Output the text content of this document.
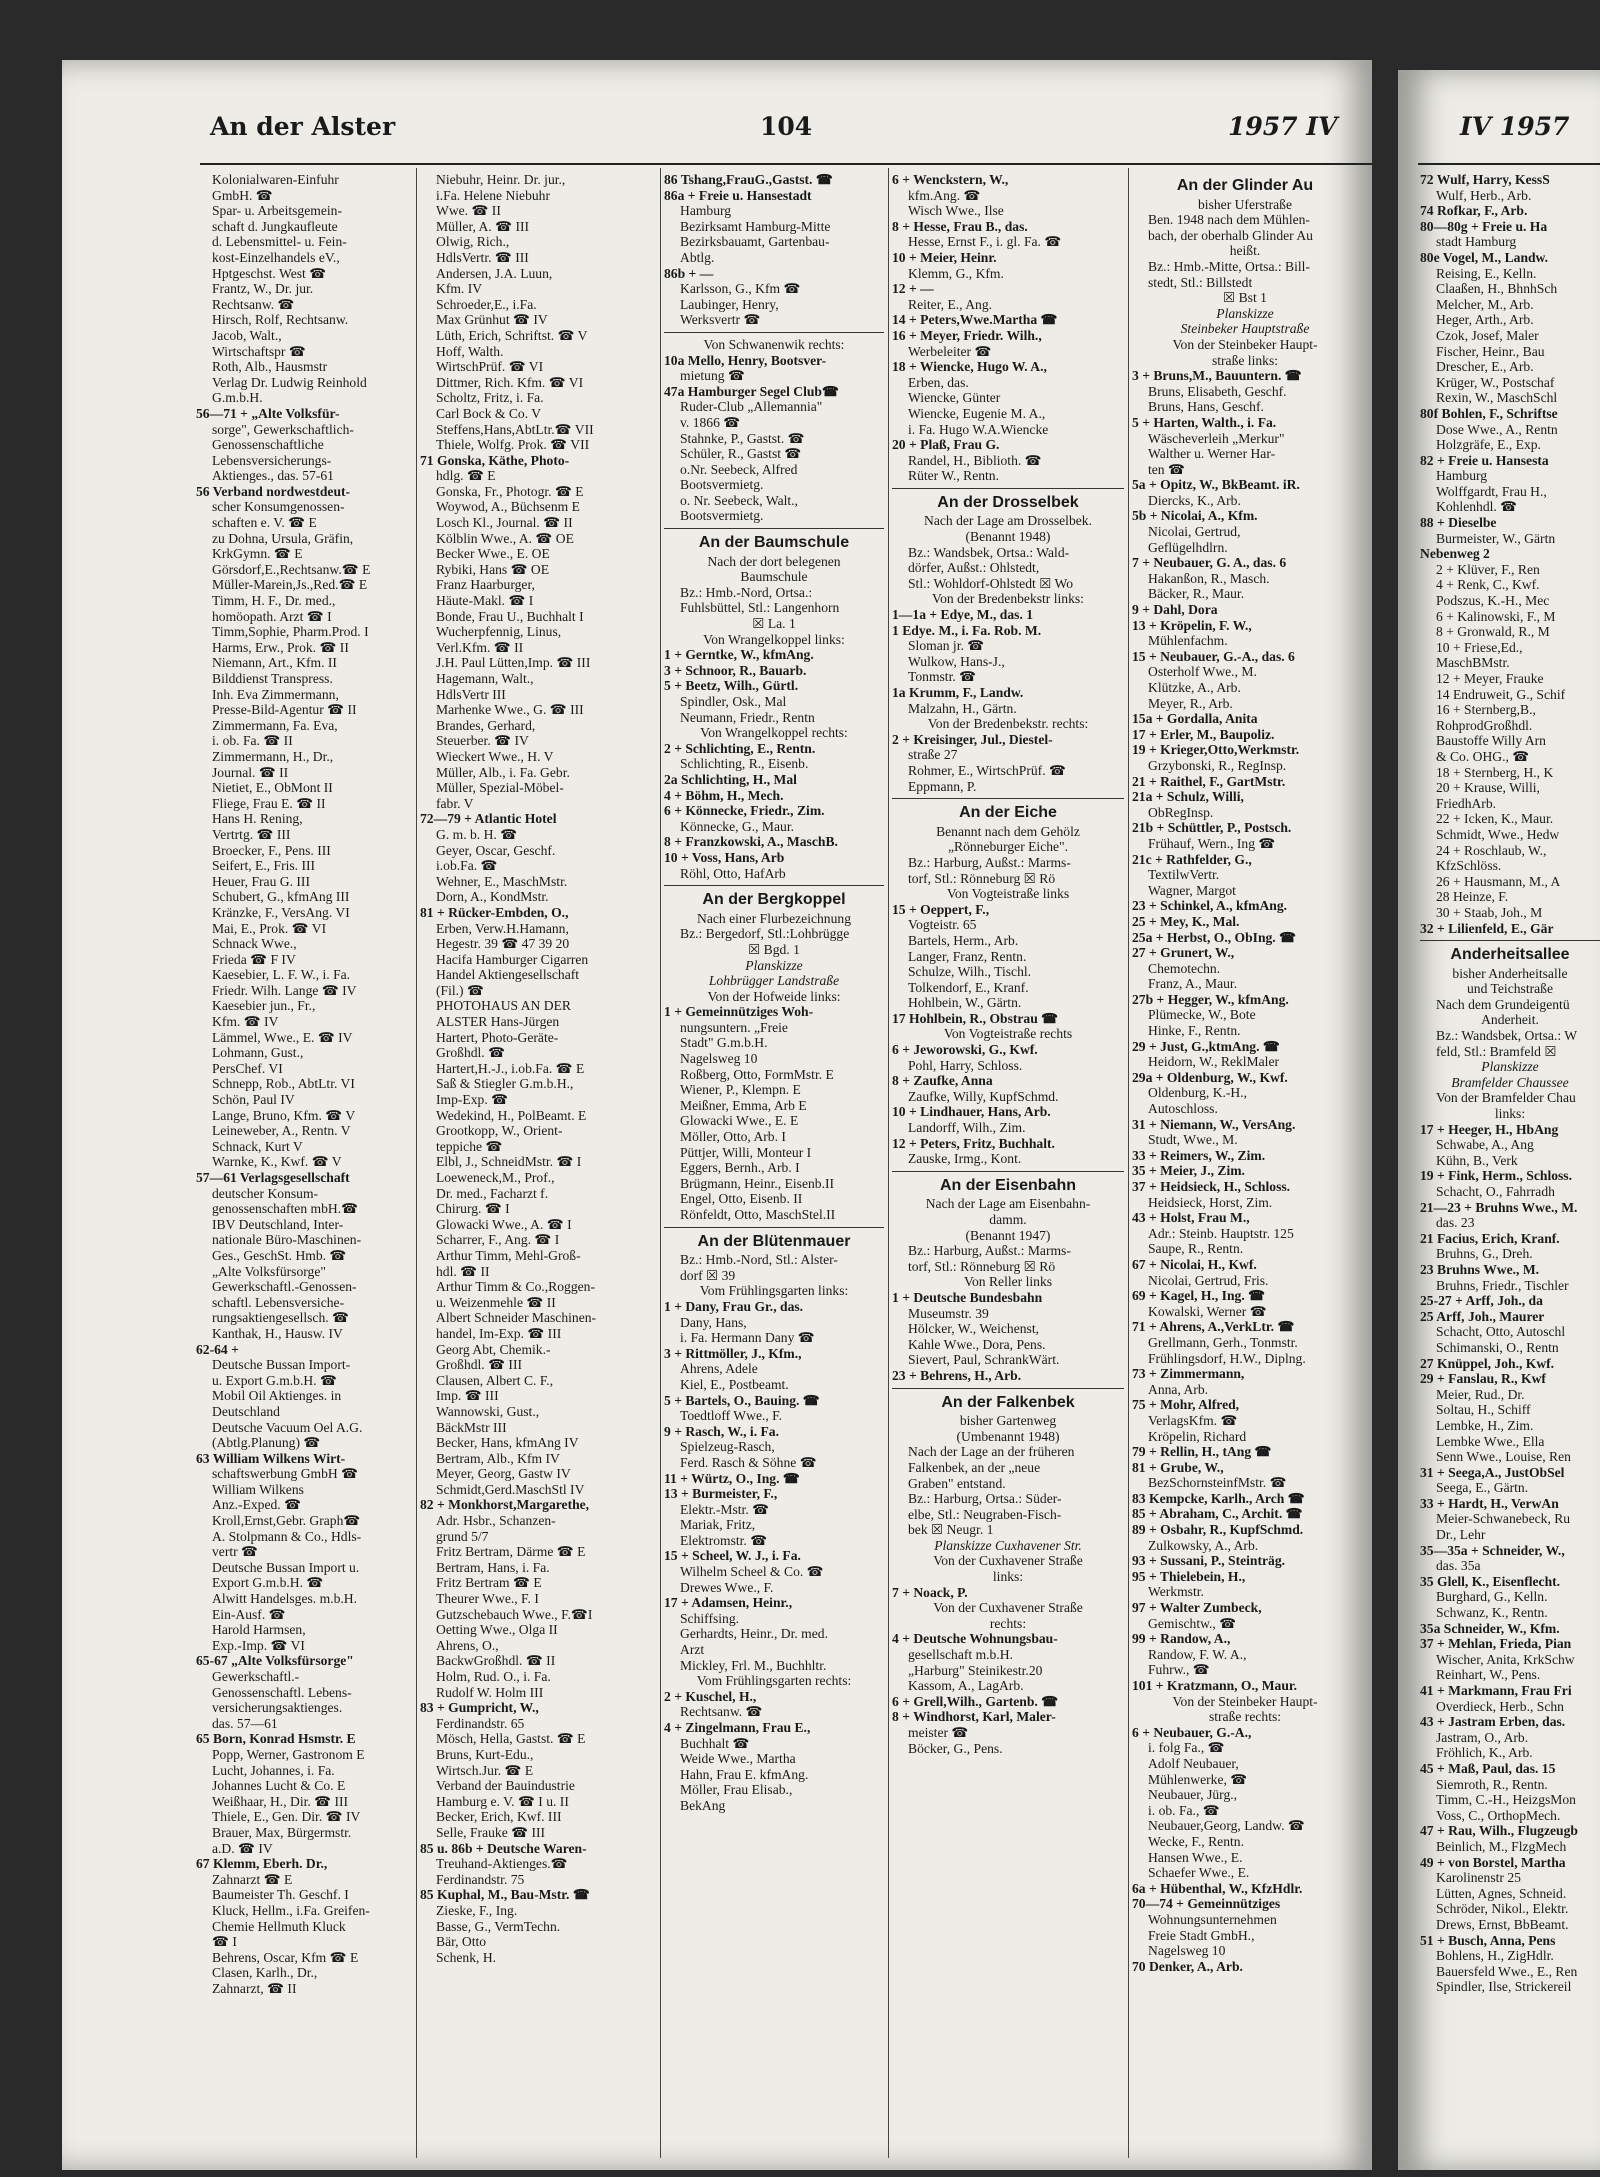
An der Alster	104	1957 IV	IV 1957
Kolonialwaren-Einfuhr
GmbH. ☎
Spar- u. Arbeitsgemein-
schaft d. Jungkaufleute
d. Lebensmittel- u. Fein-
kost-Einzelhandels eV.,
Hptgeschst. West ☎
Frantz, W., Dr. jur.
Rechtsanw. ☎
Hirsch, Rolf, Rechtsanw.
Jacob, Walt.,
Wirtschaftspr ☎
Roth, Alb., Hausmstr
Verlag Dr. Ludwig Reinhold
G.m.b.H.
56—71 + „Alte Volksfür-
sorge", Gewerkschaftlich-
Genossenschaftliche
Lebensversicherungs-
Aktienges., das. 57-61
56 Verband nordwestdeut-
scher Konsumgenossen-
schaften e. V. ☎ E
zu Dohna, Ursula, Gräfin,
KrkGymn. ☎ E
Görsdorf,E.,Rechtsanw.☎ E
Müller-Marein,Js.,Red.☎ E
Timm, H. F., Dr. med.,
homöopath. Arzt ☎ I
Timm,Sophie, Pharm.Prod. I
Harms, Erw., Prok. ☎ II
Niemann, Art., Kfm. II
Bilddienst Transpress.
Inh. Eva Zimmermann,
Presse-Bild-Agentur ☎ II
Zimmermann, Fa. Eva,
i. ob. Fa. ☎ II
Zimmermann, H., Dr.,
Journal. ☎ II
Nietiet, E., ObMont II
Fliege, Frau E. ☎ II
Hans H. Rening,
Vertrtg. ☎ III
Broecker, F., Pens. III
Seifert, E., Fris. III
Heuer, Frau G. III
Schubert, G., kfmAng III
Kränzke, F., VersAng. VI
Mai, E., Prok. ☎ VI
Schnack Wwe.,
Frieda ☎ F IV
Kaesebier, L. F. W., i. Fa.
Friedr. Wilh. Lange ☎ IV
Kaesebier jun., Fr.,
Kfm. ☎ IV
Lämmel, Wwe., E. ☎ IV
Lohmann, Gust.,
PersChef. VI
Schnepp, Rob., AbtLtr. VI
Schön, Paul IV
Lange, Bruno, Kfm. ☎ V
Leineweber, A., Rentn. V
Schnack, Kurt V
Warnke, K., Kwf. ☎ V
57—61 Verlagsgesellschaft
deutscher Konsum-
genossenschaften mbH.☎
IBV Deutschland, Inter-
nationale Büro-Maschinen-
Ges., GeschSt. Hmb. ☎
„Alte Volksfürsorge"
Gewerkschaftl.-Genossen-
schaftl. Lebensversiche-
rungsaktiengesellsch. ☎
Kanthak, H., Hausw. IV
62-64 +
Deutsche Bussan Import-
u. Export G.m.b.H. ☎
Mobil Oil Aktienges. in
Deutschland
Deutsche Vacuum Oel A.G.
(Abtlg.Planung) ☎
63 William Wilkens Wirt-
schaftswerbung GmbH ☎
William Wilkens
Anz.-Exped. ☎
Kroll,Ernst,Gebr. Graph☎
A. Stolpmann & Co., Hdls-
vertr ☎
Deutsche Bussan Import u.
Export G.m.b.H. ☎
Alwitt Handelsges. m.b.H.
Ein-Ausf. ☎
Harold Harmsen,
Exp.-Imp. ☎ VI
65-67 „Alte Volksfürsorge"
Gewerkschaftl.-
Genossenschaftl. Lebens-
versicherungsaktienges.
das. 57—61
65 Born, Konrad Hsmstr. E
Popp, Werner, Gastronom E
Lucht, Johannes, i. Fa.
Johannes Lucht & Co. E
Weißhaar, H., Dir. ☎ III
Thiele, E., Gen. Dir. ☎ IV
Brauer, Max, Bürgermstr.
a.D. ☎ IV
67 Klemm, Eberh. Dr.,
Zahnarzt ☎ E
Baumeister Th. Geschf. I
Kluck, Hellm., i.Fa. Greifen-
Chemie Hellmuth Kluck
☎ I
Behrens, Oscar, Kfm ☎ E
Clasen, Karlh., Dr.,
Zahnarzt, ☎ II
Niebuhr, Heinr. Dr. jur.,
i.Fa. Helene Niebuhr
Wwe. ☎ II
Müller, A. ☎ III
Olwig, Rich.,
HdlsVertr. ☎ III
Andersen, J.A. Luun,
Kfm. IV
Schroeder,E., i.Fa.
Max Grünhut ☎ IV
Lüth, Erich, Schriftst. ☎ V
Hoff, Walth.
WirtschPrüf. ☎ VI
Dittmer, Rich. Kfm. ☎ VI
Scholtz, Fritz, i. Fa.
Carl Bock & Co. V
Steffens,Hans,AbtLtr.☎ VII
Thiele, Wolfg. Prok. ☎ VII
71 Gonska, Käthe, Photo-
hdlg. ☎ E
Gonska, Fr., Photogr. ☎ E
Woywod, A., Büchsenm E
Losch Kl., Journal. ☎ II
Kölblin Wwe., A. ☎ OE
Becker Wwe., E. OE
Rybiki, Hans ☎ OE
Franz Haarburger,
Häute-Makl. ☎ I
Bonde, Frau U., Buchhalt I
Wucherpfennig, Linus,
Verl.Kfm. ☎ II
J.H. Paul Lütten,Imp. ☎ III
Hagemann, Walt.,
HdlsVertr III
Marhenke Wwe., G. ☎ III
Brandes, Gerhard,
Steuerber. ☎ IV
Wieckert Wwe., H. V
Müller, Alb., i. Fa. Gebr.
Müller, Spezial-Möbel-
fabr. V
72—79 + Atlantic Hotel
G. m. b. H. ☎
Geyer, Oscar, Geschf.
i.ob.Fa. ☎
Wehner, E., MaschMstr.
Dorn, A., KondMstr.
81 + Rücker-Embden, O.,
Erben, Verw.H.Hamann,
Hegestr. 39 ☎ 47 39 20
Hacifa Hamburger Cigarren
Handel Aktiengesellschaft
(Fil.) ☎
PHOTOHAUS AN DER
ALSTER Hans-Jürgen
Hartert, Photo-Geräte-
Großhdl. ☎
Hartert,H.-J., i.ob.Fa. ☎ E
Saß & Stiegler G.m.b.H.,
Imp-Exp. ☎
Wedekind, H., PolBeamt. E
Grootkopp, W., Orient-
teppiche ☎
Elbl, J., SchneidMstr. ☎ I
Loeweneck,M., Prof.,
Dr. med., Facharzt f.
Chirurg. ☎ I
Glowacki Wwe., A. ☎ I
Scharrer, F., Ang. ☎ I
Arthur Timm, Mehl-Groß-
hdl. ☎ II
Arthur Timm & Co.,Roggen-
u. Weizenmehle ☎ II
Albert Schneider Maschinen-
handel, Im-Exp. ☎ III
Georg Abt, Chemik.-
Großhdl. ☎ III
Clausen, Albert C. F.,
Imp. ☎ III
Wannowski, Gust.,
BäckMstr III
Becker, Hans, kfmAng IV
Bertram, Alb., Kfm IV
Meyer, Georg, Gastw IV
Schmidt,Gerd.MaschStl IV
82 + Monkhorst,Margarethe,
Adr. Hsbr., Schanzen-
grund 5/7
Fritz Bertram, Därme ☎ E
Bertram, Hans, i. Fa.
Fritz Bertram ☎ E
Theurer Wwe., F. I
Gutzschebauch Wwe., F.☎I
Oetting Wwe., Olga II
Ahrens, O.,
BackwGroßhdl. ☎ II
Holm, Rud. O., i. Fa.
Rudolf W. Holm III
83 + Gumpricht, W.,
Ferdinandstr. 65
Mösch, Hella, Gastst. ☎ E
Bruns, Kurt-Edu.,
Wirtsch.Jur. ☎ E
Verband der Bauindustrie
Hamburg e. V. ☎ I u. II
Becker, Erich, Kwf. III
Selle, Frauke ☎ III
85 u. 86b + Deutsche Waren-
Treuhand-Aktienges.☎
Ferdinandstr. 75
85 Kuphal, M., Bau-Mstr. ☎
Zieske, F., Ing.
Basse, G., VermTechn.
Bär, Otto
Schenk, H.
86 Tshang,FrauG.,Gastst. ☎
86a + Freie u. Hansestadt
Hamburg
Bezirksamt Hamburg-Mitte
Bezirksbauamt, Gartenbau-
Abtlg.
86b + —
Karlsson, G., Kfm ☎
Laubinger, Henry,
Werksvertr ☎
Von Schwanenwik rechts:
10a Mello, Henry, Bootsver-
mietung ☎
47a Hamburger Segel Club☎
Ruder-Club „Allemannia"
v. 1866 ☎
Stahnke, P., Gastst. ☎
Schüler, R., Gastst ☎
o.Nr. Seebeck, Alfred
Bootsvermietg.
o. Nr. Seebeck, Walt.,
Bootsvermietg.
An der Baumschule
Nach der dort belegenen
Baumschule
Bz.: Hmb.-Nord, Ortsa.:
Fuhlsbüttel, Stl.: Langenhorn
☒ La. 1
Von Wrangelkoppel links:
1 + Gerntke, W., kfmAng.
3 + Schnoor, R., Bauarb.
5 + Beetz, Wilh., Gürtl.
Spindler, Osk., Mal
Neumann, Friedr., Rentn
Von Wrangelkoppel rechts:
2 + Schlichting, E., Rentn.
Schlichting, R., Eisenb.
2a Schlichting, H., Mal
4 + Böhm, H., Mech.
6 + Könnecke, Friedr., Zim.
Könnecke, G., Maur.
8 + Franzkowski, A., MaschB.
10 + Voss, Hans, Arb
Röhl, Otto, HafArb
An der Bergkoppel
Nach einer Flurbezeichnung
Bz.: Bergedorf, Stl.:Lohbrügge
☒ Bgd. 1
Planskizze
Lohbrügger Landstraße
Von der Hofweide links:
1 + Gemeinnütziges Woh-
nungsuntern. „Freie
Stadt" G.m.b.H.
Nagelsweg 10
Roßberg, Otto, FormMstr. E
Wiener, P., Klempn. E
Meißner, Emma, Arb E
Glowacki Wwe., E. E
Möller, Otto, Arb. I
Püttjer, Willi, Monteur I
Eggers, Bernh., Arb. I
Brügmann, Heinr., Eisenb.II
Engel, Otto, Eisenb. II
Rönfeldt, Otto, MaschStel.II
An der Blütenmauer
Bz.: Hmb.-Nord, Stl.: Alster-
dorf ☒ 39
Vom Frühlingsgarten links:
1 + Dany, Frau Gr., das.
Dany, Hans,
i. Fa. Hermann Dany ☎
3 + Rittmöller, J., Kfm.,
Ahrens, Adele
Kiel, E., Postbeamt.
5 + Bartels, O., Bauing. ☎
Toedtloff Wwe., F.
9 + Rasch, W., i. Fa.
Spielzeug-Rasch,
Ferd. Rasch & Söhne ☎
11 + Würtz, O., Ing. ☎
13 + Burmeister, F.,
Elektr.-Mstr. ☎
Mariak, Fritz,
Elektromstr. ☎
15 + Scheel, W. J., i. Fa.
Wilhelm Scheel & Co. ☎
Drewes Wwe., F.
17 + Adamsen, Heinr.,
Schiffsing.
Gerhardts, Heinr., Dr. med.
Arzt
Mickley, Frl. M., Buchhltr.
Vom Frühlingsgarten rechts:
2 + Kuschel, H.,
Rechtsanw. ☎
4 + Zingelmann, Frau E.,
Buchhalt ☎
Weide Wwe., Martha
Hahn, Frau E. kfmAng.
Möller, Frau Elisab.,
BekAng
6 + Wenckstern, W.,
kfm.Ang. ☎
Wisch Wwe., Ilse
8 + Hesse, Frau B., das.
Hesse, Ernst F., i. gl. Fa. ☎
10 + Meier, Heinr.
Klemm, G., Kfm.
12 + —
Reiter, E., Ang.
14 + Peters,Wwe.Martha ☎
16 + Meyer, Friedr. Wilh.,
Werbeleiter ☎
18 + Wiencke, Hugo W. A.,
Erben, das.
Wiencke, Günter
Wiencke, Eugenie M. A.,
i. Fa. Hugo W.A.Wiencke
20 + Plaß, Frau G.
Randel, H., Biblioth. ☎
Rüter W., Rentn.
An der Drosselbek
Nach der Lage am Drosselbek.
(Benannt 1948)
Bz.: Wandsbek, Ortsa.: Wald-
dörfer, Außst.: Ohlstedt,
Stl.: Wohldorf-Ohlstedt ☒ Wo
Von der Bredenbekstr links:
1—1a + Edye, M., das. 1
1 Edye. M., i. Fa. Rob. M.
Sloman jr. ☎
Wulkow, Hans-J.,
Tonmstr. ☎
1a Krumm, F., Landw.
Malzahn, H., Gärtn.
Von der Bredenbekstr. rechts:
2 + Kreisinger, Jul., Diestel-
straße 27
Rohmer, E., WirtschPrüf. ☎
Eppmann, P.
An der Eiche
Benannt nach dem Gehölz
„Rönneburger Eiche".
Bz.: Harburg, Außst.: Marms-
torf, Stl.: Rönneburg ☒ Rö
Von Vogteistraße links
15 + Oeppert, F.,
Vogteistr. 65
Bartels, Herm., Arb.
Langer, Franz, Rentn.
Schulze, Wilh., Tischl.
Tolkendorf, E., Kranf.
Hohlbein, W., Gärtn.
17 Hohlbein, R., Obstrau ☎
Von Vogteistraße rechts
6 + Jeworowski, G., Kwf.
Pohl, Harry, Schloss.
8 + Zaufke, Anna
Zaufke, Willy, KupfSchmd.
10 + Lindhauer, Hans, Arb.
Landorff, Wilh., Zim.
12 + Peters, Fritz, Buchhalt.
Zauske, Irmg., Kont.
An der Eisenbahn
Nach der Lage am Eisenbahn-
damm.
(Benannt 1947)
Bz.: Harburg, Außst.: Marms-
torf, Stl.: Rönneburg ☒ Rö
Von Reller links
1 + Deutsche Bundesbahn
Museumstr. 39
Hölcker, W., Weichenst,
Kahle Wwe., Dora, Pens.
Sievert, Paul, SchrankWärt.
23 + Behrens, H., Arb.
An der Falkenbek
bisher Gartenweg
(Umbenannt 1948)
Nach der Lage an der früheren
Falkenbek, an der „neue
Graben" entstand.
Bz.: Harburg, Ortsa.: Süder-
elbe, Stl.: Neugraben-Fisch-
bek ☒ Neugr. 1
Planskizze Cuxhavener Str.
Von der Cuxhavener Straße
links:
7 + Noack, P.
Von der Cuxhavener Straße
rechts:
4 + Deutsche Wohnungsbau-
gesellschaft m.b.H.
„Harburg" Steinikestr.20
Kassom, A., LagArb.
6 + Grell,Wilh., Gartenb. ☎
8 + Windhorst, Karl, Maler-
meister ☎
Böcker, G., Pens.
An der Glinder Au
bisher Uferstraße
Ben. 1948 nach dem Mühlen-
bach, der oberhalb Glinder Au
heißt.
Bz.: Hmb.-Mitte, Ortsa.: Bill-
stedt, Stl.: Billstedt
☒ Bst 1
Planskizze
Steinbeker Hauptstraße
Von der Steinbeker Haupt-
straße links:
3 + Bruns,M., Bauuntern. ☎
Bruns, Elisabeth, Geschf.
Bruns, Hans, Geschf.
5 + Harten, Walth., i. Fa.
Wäscheverleih „Merkur"
Walther u. Werner Har-
ten ☎
5a + Opitz, W., BkBeamt. iR.
Diercks, K., Arb.
5b + Nicolai, A., Kfm.
Nicolai, Gertrud,
Geflügelhdlrn.
7 + Neubauer, G. A., das. 6
Hakanßon, R., Masch.
Bäcker, R., Maur.
9 + Dahl, Dora
13 + Kröpelin, F. W.,
Mühlenfachm.
15 + Neubauer, G.-A., das. 6
Osterholf Wwe., M.
Klützke, A., Arb.
Meyer, R., Arb.
15a + Gordalla, Anita
17 + Erler, M., Baupoliz.
19 + Krieger,Otto,Werkmstr.
Grzybonski, R., RegInsp.
21 + Raithel, F., GartMstr.
21a + Schulz, Willi,
ObRegInsp.
21b + Schüttler, P., Postsch.
Frühauf, Wern., Ing ☎
21c + Rathfelder, G.,
TextilwVertr.
Wagner, Margot
23 + Schinkel, A., kfmAng.
25 + Mey, K., Mal.
25a + Herbst, O., ObIng. ☎
27 + Grunert, W.,
Chemotechn.
Franz, A., Maur.
27b + Hegger, W., kfmAng.
Plümecke, W., Bote
Hinke, F., Rentn.
29 + Just, G.,ktmAng. ☎
Heidorn, W., ReklMaler
29a + Oldenburg, W., Kwf.
Oldenburg, K.-H.,
Autoschloss.
31 + Niemann, W., VersAng.
Studt, Wwe., M.
33 + Reimers, W., Zim.
35 + Meier, J., Zim.
37 + Heidsieck, H., Schloss.
Heidsieck, Horst, Zim.
43 + Holst, Frau M.,
Adr.: Steinb. Hauptstr. 125
Saupe, R., Rentn.
67 + Nicolai, H., Kwf.
Nicolai, Gertrud, Fris.
69 + Kagel, H., Ing. ☎
Kowalski, Werner ☎
71 + Ahrens, A.,VerkLtr. ☎
Grellmann, Gerh., Tonmstr.
Frühlingsdorf, H.W., Diplng.
73 + Zimmermann,
Anna, Arb.
75 + Mohr, Alfred,
VerlagsKfm. ☎
Kröpelin, Richard
79 + Rellin, H., tAng ☎
81 + Grube, W.,
BezSchornsteinfMstr. ☎
83 Kempcke, Karlh., Arch ☎
85 + Abraham, C., Archit. ☎
89 + Osbahr, R., KupfSchmd.
Zulkowsky, A., Arb.
93 + Sussani, P., Steinträg.
95 + Thielebein, H.,
Werkmstr.
97 + Walter Zumbeck,
Gemischtw., ☎
99 + Randow, A.,
Randow, F. W. A.,
Fuhrw., ☎
101 + Kratzmann, O., Maur.
Von der Steinbeker Haupt-
straße rechts:
6 + Neubauer, G.-A.,
i. folg Fa., ☎
Adolf Neubauer,
Mühlenwerke, ☎
Neubauer, Jürg.,
i. ob. Fa., ☎
Neubauer,Georg, Landw. ☎
Wecke, F., Rentn.
Hansen Wwe., E.
Schaefer Wwe., E.
6a + Hübenthal, W., KfzHdlr.
70—74 + Gemeinnütziges
Wohnungsunternehmen
Freie Stadt GmbH.,
Nagelsweg 10
70 Denker, A., Arb.
72 Wulf, Harry, KessS
Wulf, Herb., Arb.
74 Rofkar, F., Arb.
80—80g + Freie u. Ha
stadt Hamburg
80e Vogel, M., Landw.
Reising, E., Kelln.
Claaßen, H., BhnhSch
Melcher, M., Arb.
Heger, Arth., Arb.
Czok, Josef, Maler
Fischer, Heinr., Bau
Drescher, E., Arb.
Krüger, W., Postschaf
Rexin, W., MaschSchl
80f Bohlen, F., Schriftse
Dose Wwe., A., Rentn
Holzgräfe, E., Exp.
82 + Freie u. Hansesta
Hamburg
Wolffgardt, Frau H.,
Kohlenhdl. ☎
88 + Dieselbe
Burmeister, W., Gärtn
Nebenweg 2
2 + Klüver, F., Ren
4 + Renk, C., Kwf.
Podszus, K.-H., Mec
6 + Kalinowski, F., M
8 + Gronwald, R., M
10 + Friese,Ed.,
MaschBMstr.
12 + Meyer, Frauke
14 Endruweit, G., Schif
16 + Sternberg,B.,
RohprodGroßhdl.
Baustoffe Willy Arn
& Co. OHG., ☎
18 + Sternberg, H., K
20 + Krause, Willi,
FriedhArb.
22 + Icken, K., Maur.
Schmidt, Wwe., Hedw
24 + Roschlaub, W.,
KfzSchlöss.
26 + Hausmann, M., A
28 Heinze, F.
30 + Staab, Joh., M
32 + Lilienfeld, E., Gär
Anderheitsallee
bisher Anderheitsalle
und Teichstraße
Nach dem Grundeigentü
Anderheit.
Bz.: Wandsbek, Ortsa.: W
feld, Stl.: Bramfeld ☒
Planskizze
Bramfelder Chaussee
Von der Bramfelder Chau
links:
17 + Heeger, H., HbAng
Schwabe, A., Ang
Kühn, B., Verk
19 + Fink, Herm., Schloss.
Schacht, O., Fahrradh
21—23 + Bruhns Wwe., M.
das. 23
21 Facius, Erich, Kranf.
Bruhns, G., Dreh.
23 Bruhns Wwe., M.
Bruhns, Friedr., Tischler
25-27 + Arff, Joh., da
25 Arff, Joh., Maurer
Schacht, Otto, Autoschl
Schimanski, O., Rentn
27 Knüppel, Joh., Kwf.
29 + Fanslau, R., Kwf
Meier, Rud., Dr.
Soltau, H., Schiff
Lembke, H., Zim.
Lembke Wwe., Ella
Senn Wwe., Louise, Ren
31 + Seega,A., JustObSel
Seega, E., Gärtn.
33 + Hardt, H., VerwAn
Meier-Schwanebeck, Ru
Dr., Lehr
35—35a + Schneider, W.,
das. 35a
35 Glell, K., Eisenflecht.
Burghard, G., Kelln.
Schwanz, K., Rentn.
35a Schneider, W., Kfm.
37 + Mehlan, Frieda, Pian
Wischer, Anita, KrkSchw
Reinhart, W., Pens.
41 + Markmann, Frau Fri
Overdieck, Herb., Schn
43 + Jastram Erben, das.
Jastram, O., Arb.
Fröhlich, K., Arb.
45 + Maß, Paul, das. 15
Siemroth, R., Rentn.
Timm, C.-H., HeizgsMon
Voss, C., OrthopMech.
47 + Rau, Wilh., Flugzeugb
Beinlich, M., FlzgMech
49 + von Borstel, Martha
Karolinenstr 25
Lütten, Agnes, Schneid.
Schröder, Nikol., Elektr.
Drews, Ernst, BbBeamt.
51 + Busch, Anna, Pens
Bohlens, H., ZigHdlr.
Bauersfeld Wwe., E., Ren
Spindler, Ilse, Strickereil
